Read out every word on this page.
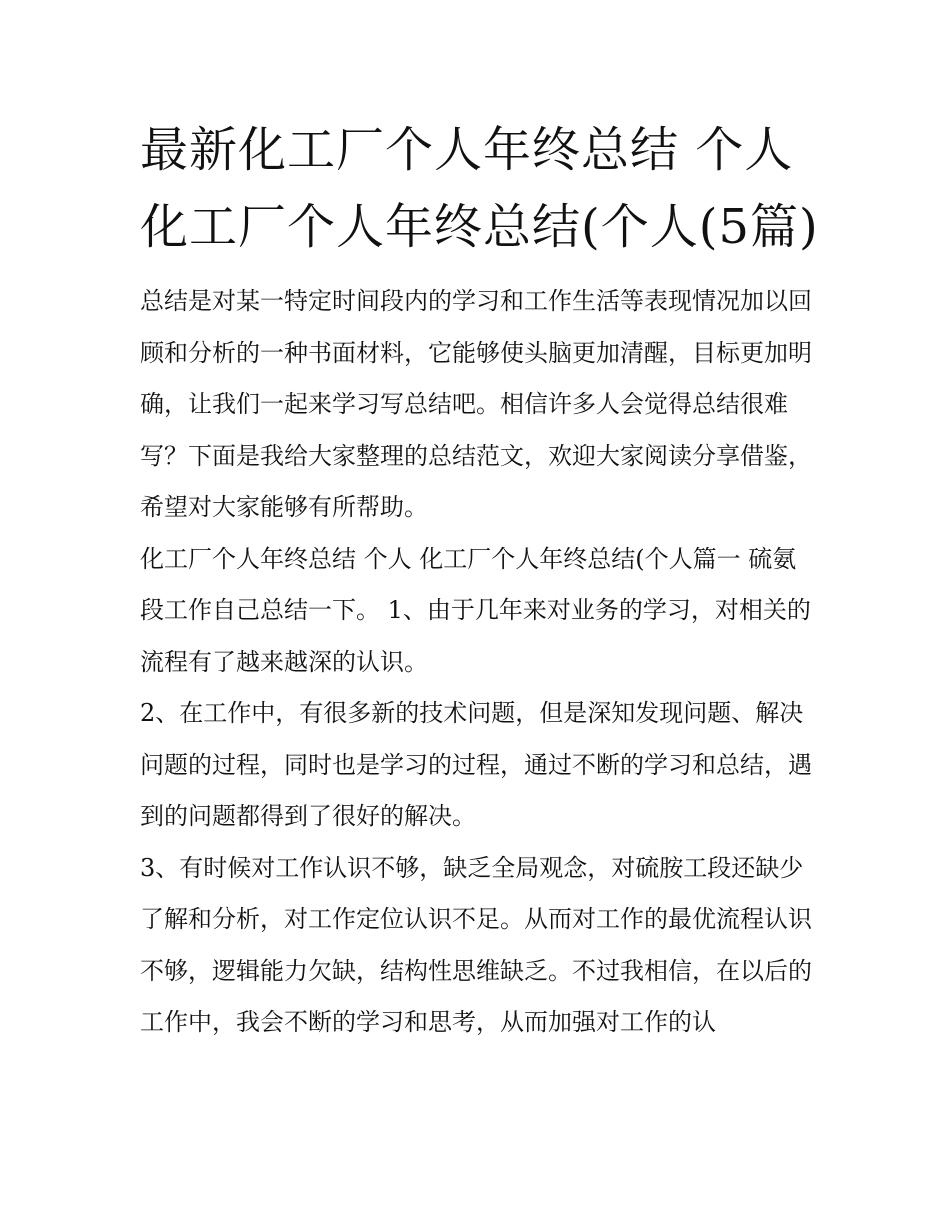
最新化工厂个人年终总结 个人化工厂个人年终总结(个人(5篇)

总结是对某一特定时间段内的学习和工作生活等表现情况加以回顾和分析的一种书面材料，它能够使头脑更加清醒，目标更加明确，让我们一起来学习写总结吧。相信许多人会觉得总结很难写？下面是我给大家整理的总结范文，欢迎大家阅读分享借鉴，希望对大家能够有所帮助。

化工厂个人年终总结 个人 化工厂个人年终总结(个人篇一 硫氨段工作自己总结一下。 1、由于几年来对业务的学习，对相关的流程有了越来越深的认识。

2、在工作中，有很多新的技术问题，但是深知发现问题、解决问题的过程，同时也是学习的过程，通过不断的学习和总结，遇到的问题都得到了很好的解决。

3、有时候对工作认识不够，缺乏全局观念，对硫胺工段还缺少了解和分析，对工作定位认识不足。从而对工作的最优流程认识不够，逻辑能力欠缺，结构性思维缺乏。不过我相信，在以后的工作中，我会不断的学习和思考，从而加强对工作的认
